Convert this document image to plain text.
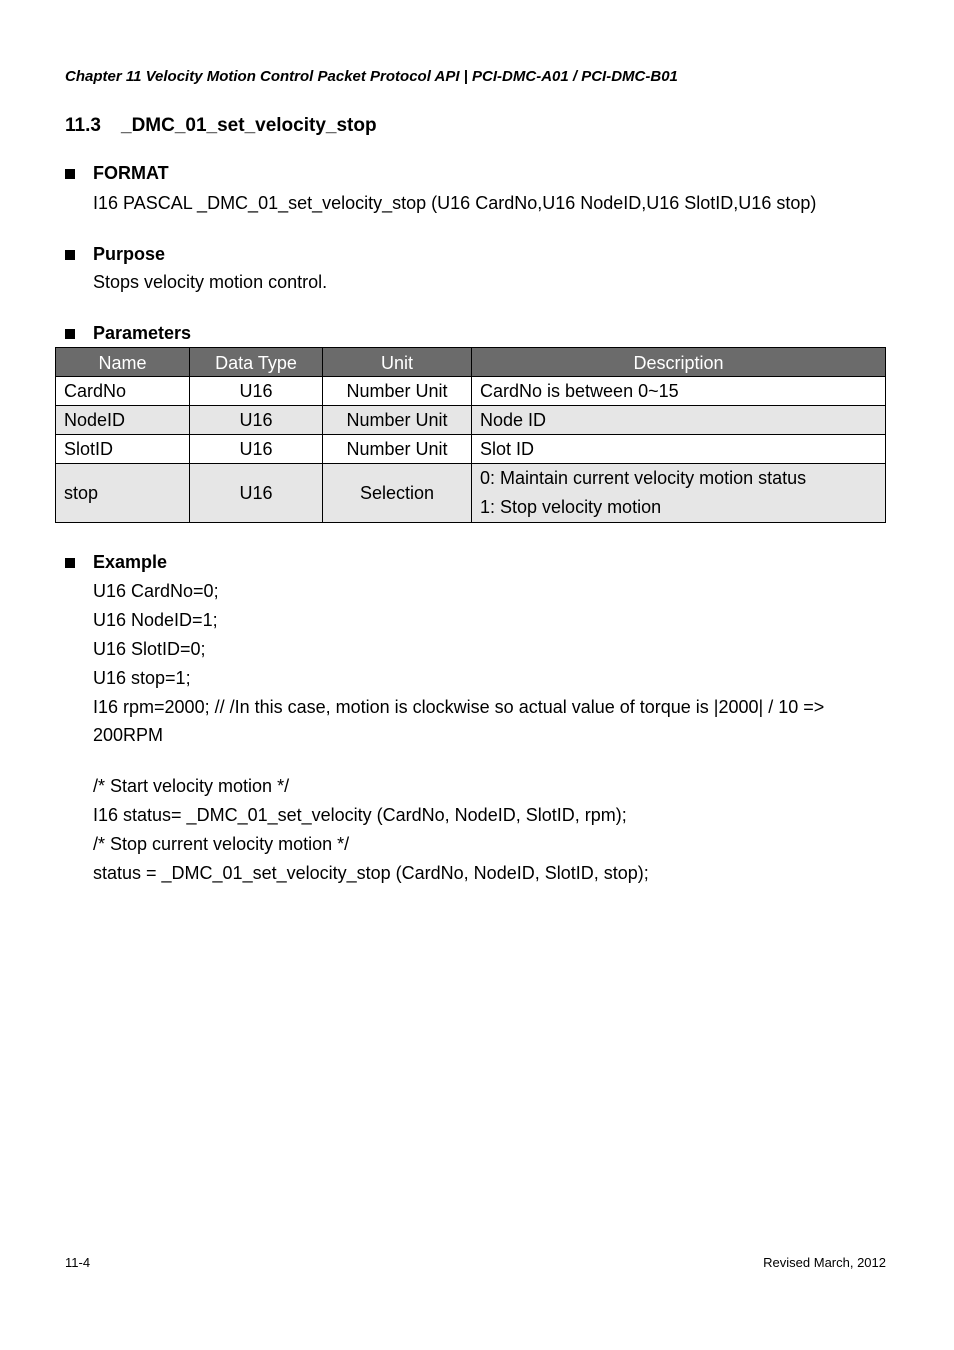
Chapter 11 Velocity Motion Control Packet Protocol API | PCI-DMC-A01 / PCI-DMC-B01
11.3 _DMC_01_set_velocity_stop
FORMAT
I16 PASCAL _DMC_01_set_velocity_stop (U16 CardNo,U16 NodeID,U16 SlotID,U16 stop)
Purpose
Stops velocity motion control.
Parameters
Name	Data Type	Unit	Description
CardNo	U16	Number Unit	CardNo is between 0~15
NodeID	U16	Number Unit	Node ID
SlotID	U16	Number Unit	Slot ID
stop	U16	Selection	0: Maintain current velocity motion status
1: Stop velocity motion
Example
U16 CardNo=0;
U16 NodeID=1;
U16 SlotID=0;
U16 stop=1;
I16 rpm=2000; // /In this case, motion is clockwise so actual value of torque is |2000| / 10 =>
200RPM
/* Start velocity motion */
I16 status= _DMC_01_set_velocity (CardNo, NodeID, SlotID, rpm);
/* Stop current velocity motion */
status = _DMC_01_set_velocity_stop (CardNo, NodeID, SlotID, stop);
11-4	Revised March, 2012
